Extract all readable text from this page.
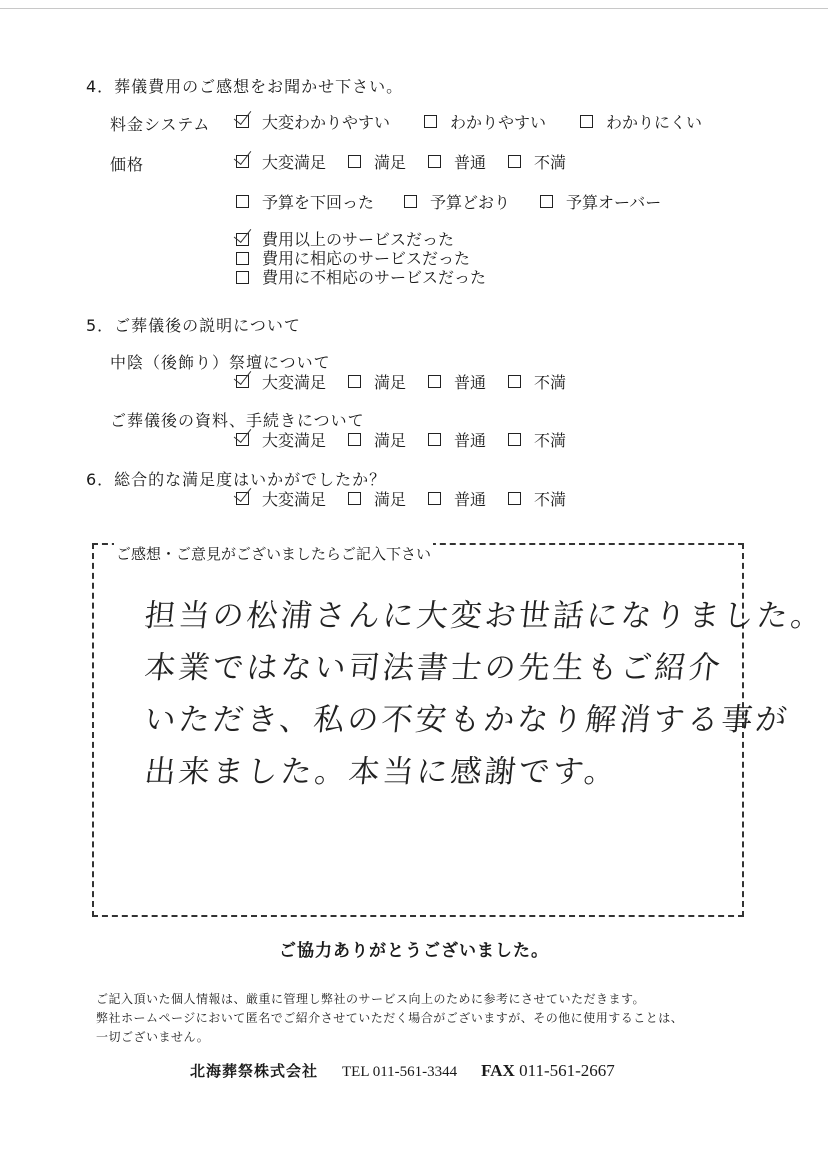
4．葬儀費用のご感想をお聞かせ下さい。
料金システム	大変わかりやすい	わかりやすい	わかりにくい
価格	大変満足	満足	普通	不満
予算を下回った	予算どおり	予算オーバー
費用以上のサービスだった
費用に相応のサービスだった
費用に不相応のサービスだった
5．ご葬儀後の説明について
中陰（後飾り）祭壇について
大変満足	満足	普通	不満
ご葬儀後の資料、手続きについて
大変満足	満足	普通	不満
6．総合的な満足度はいかがでしたか？
大変満足	満足	普通	不満
ご感想・ご意見がございましたらご記入下さい
担当の松浦さんに大変お世話になりました。
本業ではない司法書士の先生もご紹介
いただき、私の不安もかなり解消する事が
出来ました。本当に感謝です。
ご協力ありがとうございました。
ご記入頂いた個人情報は、厳重に管理し弊社のサービス向上のために参考にさせていただきます。
弊社ホームページにおいて匿名でご紹介させていただく場合がございますが、その他に使用することは、
一切ございません。
北海葬祭株式会社 TEL 011-561-3344 FAX 011-561-2667
